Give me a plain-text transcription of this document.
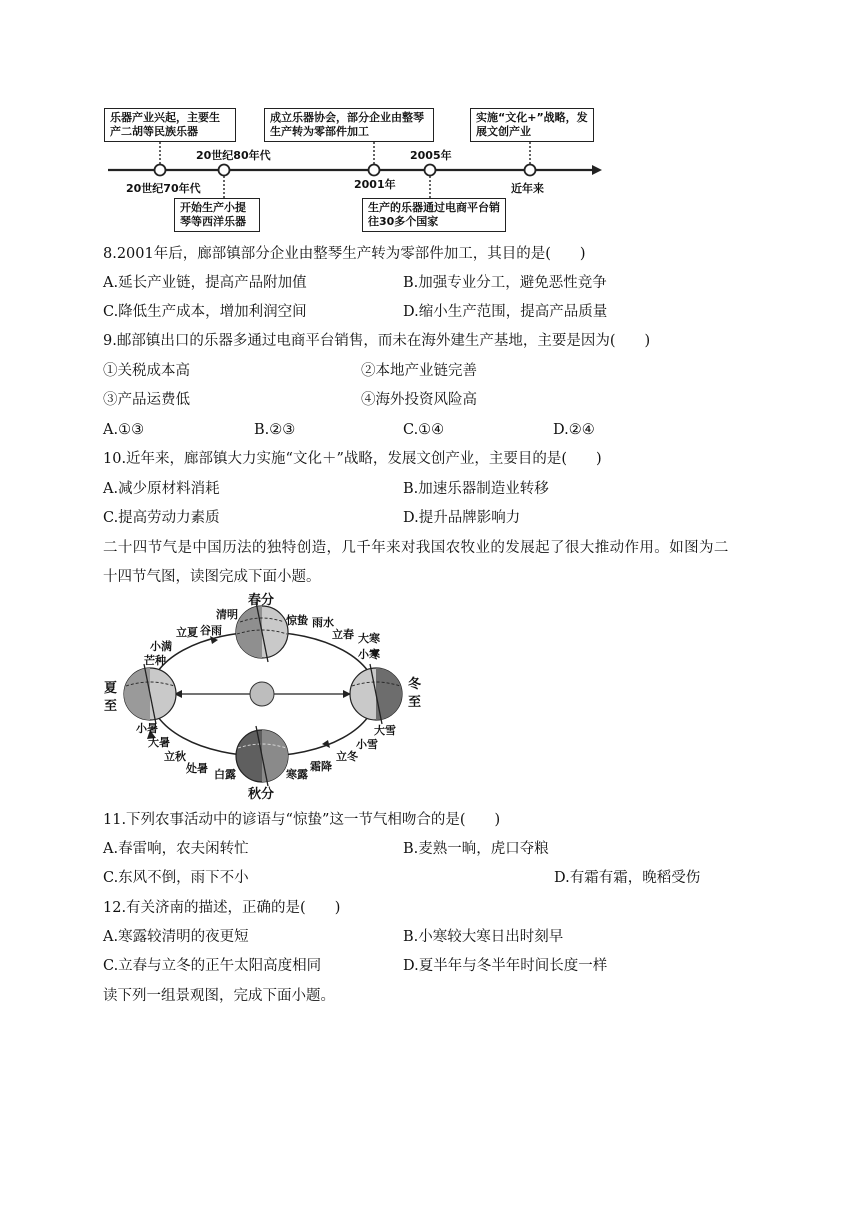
乐器产业兴起，主要生产二胡等民族乐器
成立乐器协会，部分企业由整琴生产转为零部件加工
实施“文化+”战略，发展文创产业
开始生产小提琴等西洋乐器
生产的乐器通过电商平台销往30多个国家
20世纪70年代
20世纪80年代
2001年
2005年
近年来
8.2001年后，廊部镇部分企业由整琴生产转为零部件加工，其目的是(　　)
A.延长产业链，提高产品附加值	B.加强专业分工，避免恶性竞争
C.降低生产成本，增加利润空间	D.缩小生产范围，提高产品质量
9.邮部镇出口的乐器多通过电商平台销售，而未在海外建生产基地，主要是因为(　　)
①关税成本高	②本地产业链完善
③产品运费低	④海外投资风险高
A.①③	B.②③	C.①④	D.②④
10.近年来，廊部镇大力实施“文化＋”战略，发展文创产业，主要目的是(　　)
A.减少原材料消耗	B.加速乐器制造业转移
C.提高劳动力素质	D.提升品牌影响力
二十四节气是中国历法的独特创造，几千年来对我国农牧业的发展起了很大推动作用。如图为二
十四节气图，读图完成下面小题。
春分
秋分
夏
至
冬
至
清明	惊蛰 雨水
立夏 谷雨	立春 大寒
小满
小寒
芒种
小暑	大雪
大暑	小雪
立秋	立冬
处暑	霜降
白露	寒露
11.下列农事活动中的谚语与“惊蛰”这一节气相吻合的是(　　)
A.春雷响，农夫闲转忙	B.麦熟一晌，虎口夺粮
C.东风不倒，雨下不小	D.有霜有霜，晚稻受伤
12.有关济南的描述，正确的是(　　)
A.寒露较清明的夜更短	B.小寒较大寒日出时刻早
C.立春与立冬的正午太阳高度相同	D.夏半年与冬半年时间长度一样
读下列一组景观图，完成下面小题。
